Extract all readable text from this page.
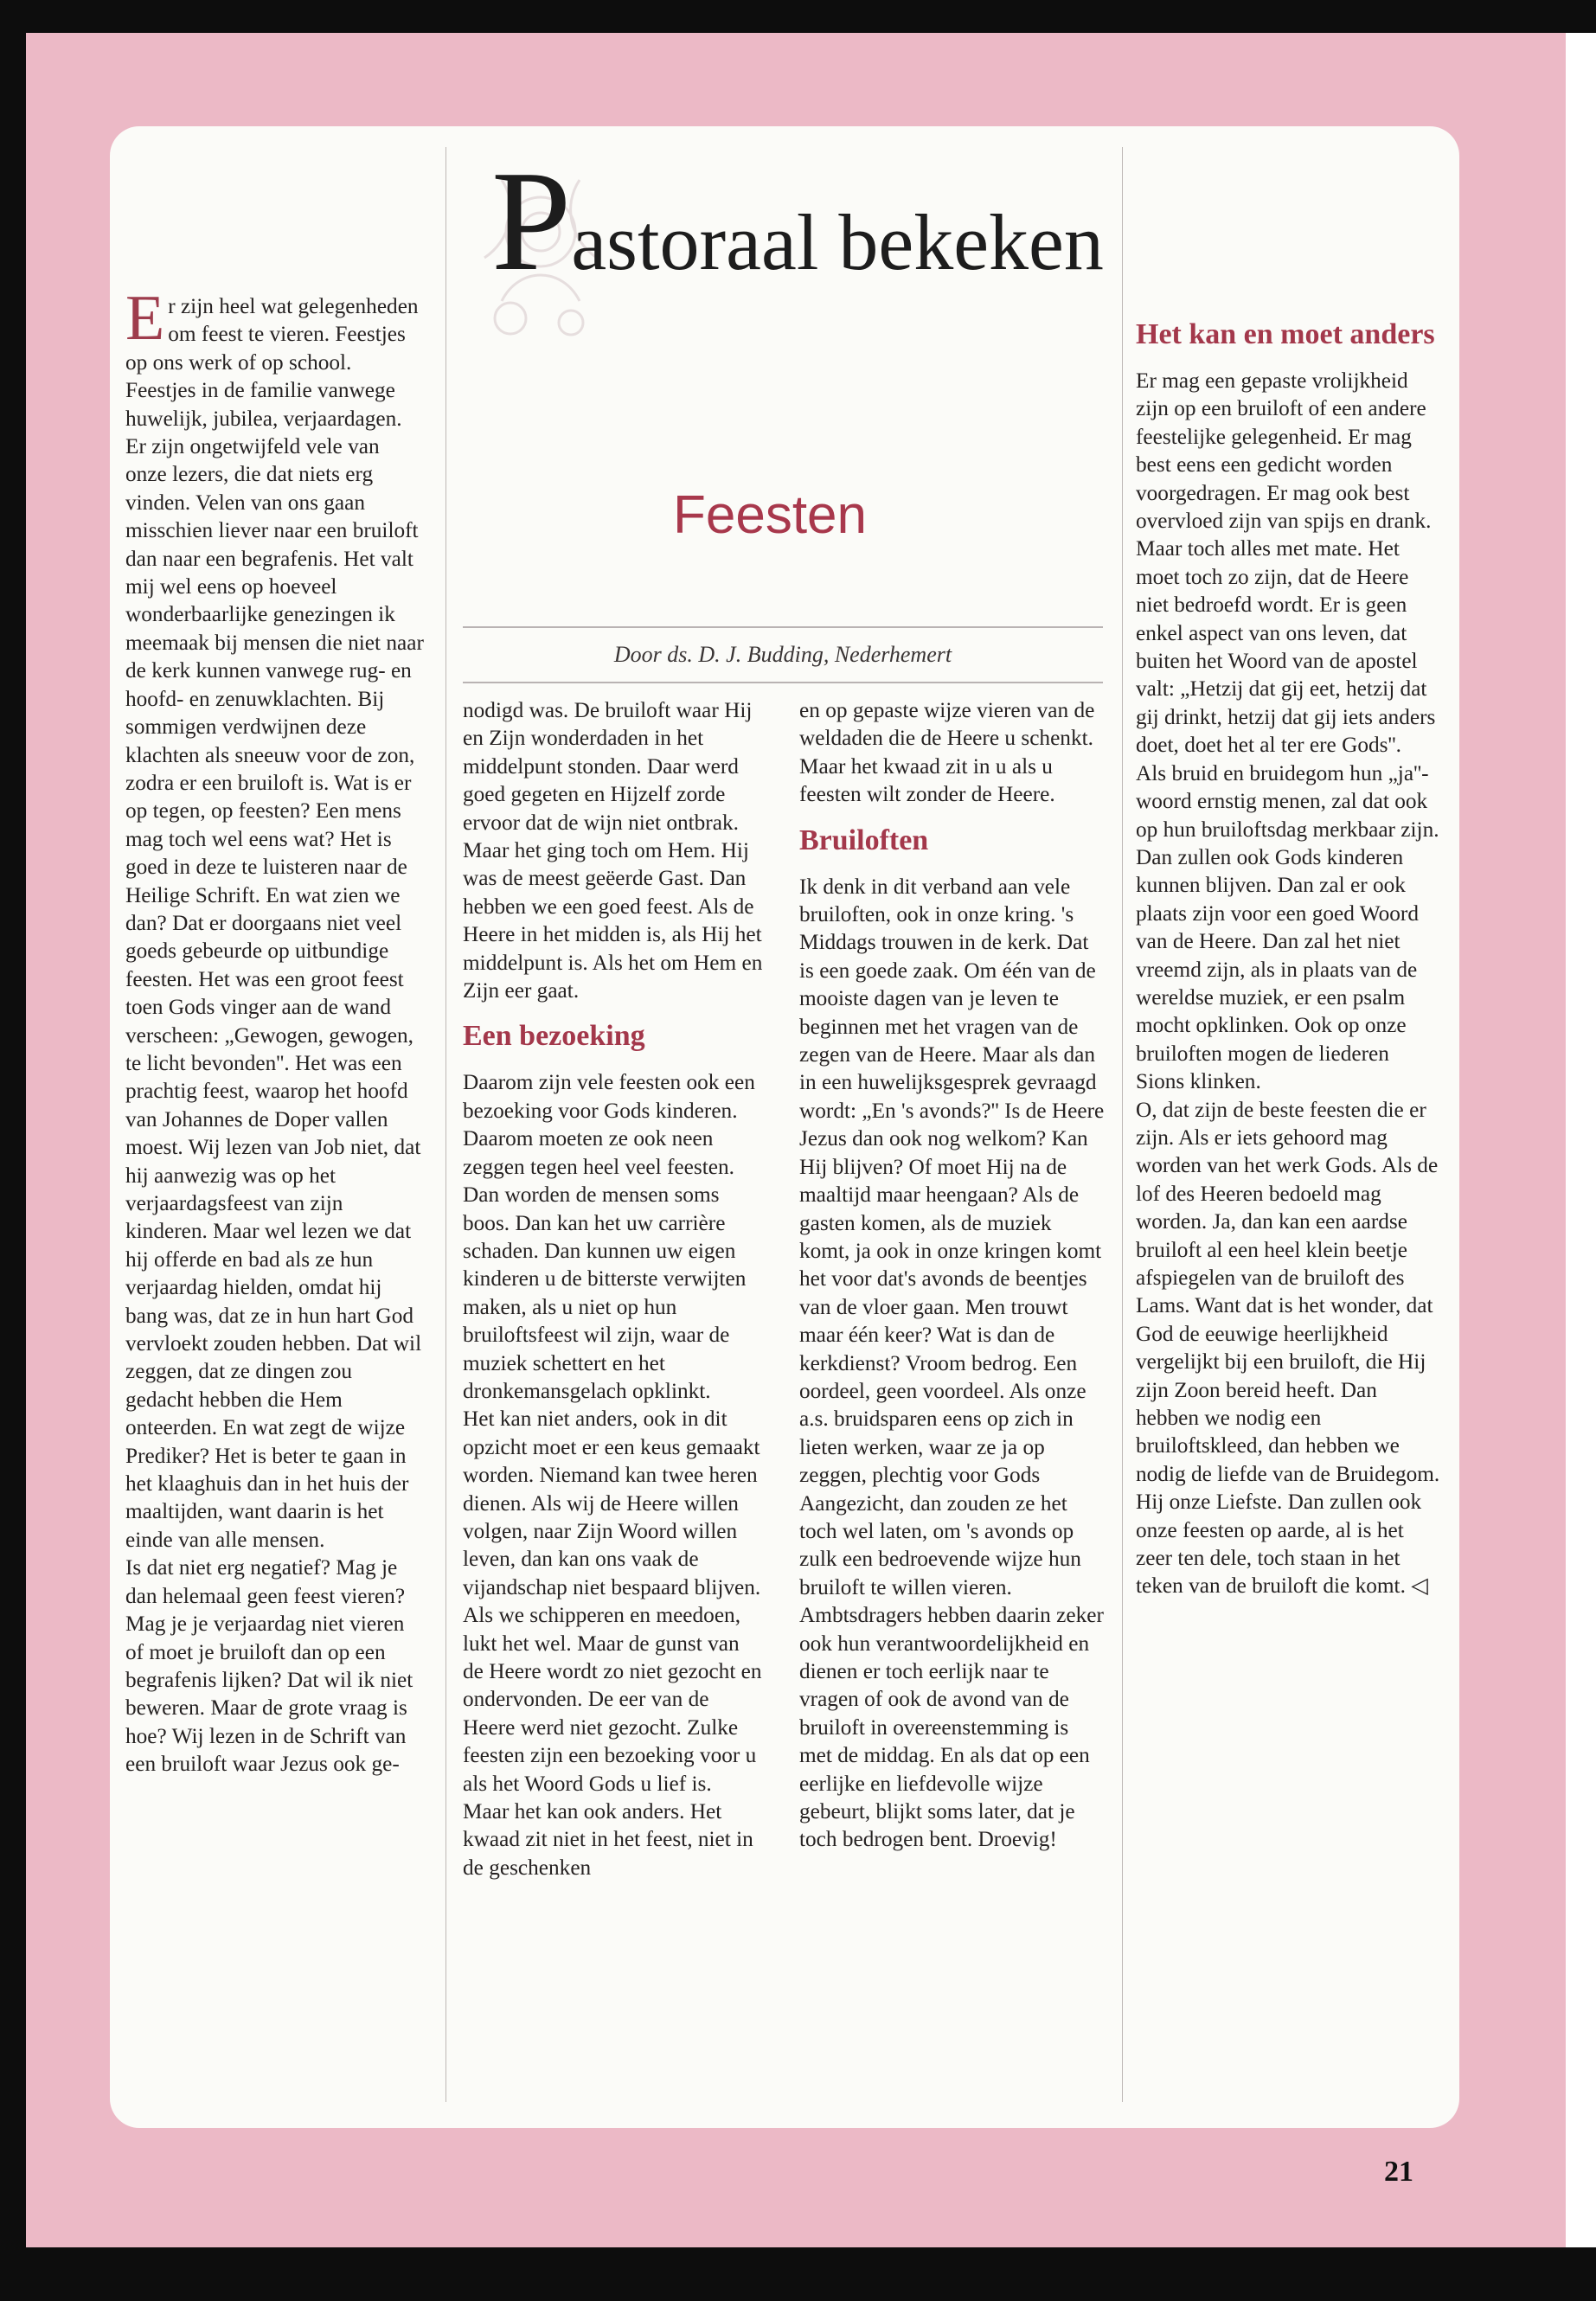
Pastoraal bekeken
Feesten
Door ds. D. J. Budding, Nederhemert

Er zijn heel wat gelegenheden om feest te vieren. Feestjes op ons werk of op school. Feestjes in de familie vanwege huwelijk, jubilea, verjaardagen. Er zijn ongetwijfeld vele van onze lezers, die dat niets erg vinden. Velen van ons gaan misschien liever naar een bruiloft dan naar een begrafenis. Het valt mij wel eens op hoeveel wonderbaarlijke genezingen ik meemaak bij mensen die niet naar de kerk kunnen vanwege rug- en hoofd- en zenuwklachten. Bij sommigen verdwijnen deze klachten als sneeuw voor de zon, zodra er een bruiloft is. Wat is er op tegen, op feesten? Een mens mag toch wel eens wat? Het is goed in deze te luisteren naar de Heilige Schrift. En wat zien we dan? Dat er doorgaans niet veel goeds gebeurde op uitbundige feesten. Het was een groot feest toen Gods vinger aan de wand verscheen: „Gewogen, gewogen, te licht bevonden''. Het was een prachtig feest, waarop het hoofd van Johannes de Doper vallen moest. Wij lezen van Job niet, dat hij aanwezig was op het verjaardagsfeest van zijn kinderen. Maar wel lezen we dat hij offerde en bad als ze hun verjaardag hielden, omdat hij bang was, dat ze in hun hart God vervloekt zouden hebben. Dat wil zeggen, dat ze dingen zou gedacht hebben die Hem onteerden. En wat zegt de wijze Prediker? Het is beter te gaan in het klaaghuis dan in het huis der maaltijden, want daarin is het einde van alle mensen.

Is dat niet erg negatief? Mag je dan helemaal geen feest vieren? Mag je je verjaardag niet vieren of moet je bruiloft dan op een begrafenis lijken? Dat wil ik niet beweren. Maar de grote vraag is hoe? Wij lezen in de Schrift van een bruiloft waar Jezus ook ge-

nodigd was. De bruiloft waar Hij en Zijn wonderdaden in het middelpunt stonden. Daar werd goed gegeten en Hijzelf zorde ervoor dat de wijn niet ontbrak.

Maar het ging toch om Hem. Hij was de meest geëerde Gast. Dan hebben we een goed feest. Als de Heere in het midden is, als Hij het middelpunt is. Als het om Hem en Zijn eer gaat.

Een bezoeking

Daarom zijn vele feesten ook een bezoeking voor Gods kinderen. Daarom moeten ze ook neen zeggen tegen heel veel feesten. Dan worden de mensen soms boos. Dan kan het uw carrière schaden. Dan kunnen uw eigen kinderen u de bitterste verwijten maken, als u niet op hun bruiloftsfeest wil zijn, waar de muziek schettert en het dronkemansgelach opklinkt.

Het kan niet anders, ook in dit opzicht moet er een keus gemaakt worden. Niemand kan twee heren dienen. Als wij de Heere willen volgen, naar Zijn Woord willen leven, dan kan ons vaak de vijandschap niet bespaard blijven. Als we schipperen en meedoen, lukt het wel. Maar de gunst van de Heere wordt zo niet gezocht en ondervonden. De eer van de Heere werd niet gezocht. Zulke feesten zijn een bezoeking voor u als het Woord Gods u lief is.

Maar het kan ook anders. Het kwaad zit niet in het feest, niet in de geschenken

en op gepaste wijze vieren van de weldaden die de Heere u schenkt. Maar het kwaad zit in u als u feesten wilt zonder de Heere.

Bruiloften

Ik denk in dit verband aan vele bruiloften, ook in onze kring. 's Middags trouwen in de kerk. Dat is een goede zaak. Om één van de mooiste dagen van je leven te beginnen met het vragen van de zegen van de Heere. Maar als dan in een huwelijksgesprek gevraagd wordt: „En 's avonds?'' Is de Heere Jezus dan ook nog welkom? Kan Hij blijven? Of moet Hij na de maaltijd maar heengaan? Als de gasten komen, als de muziek komt, ja ook in onze kringen komt het voor dat's avonds de beentjes van de vloer gaan. Men trouwt maar één keer? Wat is dan de kerkdienst? Vroom bedrog. Een oordeel, geen voordeel. Als onze a.s. bruidsparen eens op zich in lieten werken, waar ze ja op zeggen, plechtig voor Gods Aangezicht, dan zouden ze het toch wel laten, om 's avonds op zulk een bedroevende wijze hun bruiloft te willen vieren.

Ambtsdragers hebben daarin zeker ook hun verantwoordelijkheid en dienen er toch eerlijk naar te vragen of ook de avond van de bruiloft in overeenstemming is met de middag. En als dat op een eerlijke en liefdevolle wijze gebeurt, blijkt soms later, dat je toch bedrogen bent. Droevig!

Het kan en moet anders

Er mag een gepaste vrolijkheid zijn op een bruiloft of een andere feestelijke gelegenheid. Er mag best eens een gedicht worden voorgedragen. Er mag ook best overvloed zijn van spijs en drank. Maar toch alles met mate. Het moet toch zo zijn, dat de Heere niet bedroefd wordt. Er is geen enkel aspect van ons leven, dat buiten het Woord van de apostel valt: „Hetzij dat gij eet, hetzij dat gij drinkt, hetzij dat gij iets anders doet, doet het al ter ere Gods''.

Als bruid en bruidegom hun „ja''-woord ernstig menen, zal dat ook op hun bruiloftsdag merkbaar zijn. Dan zullen ook Gods kinderen kunnen blijven. Dan zal er ook plaats zijn voor een goed Woord van de Heere. Dan zal het niet vreemd zijn, als in plaats van de wereldse muziek, er een psalm mocht opklinken. Ook op onze bruiloften mogen de liederen Sions klinken.

O, dat zijn de beste feesten die er zijn. Als er iets gehoord mag worden van het werk Gods. Als de lof des Heeren bedoeld mag worden. Ja, dan kan een aardse bruiloft al een heel klein beetje afspiegelen van de bruiloft des Lams. Want dat is het wonder, dat God de eeuwige heerlijkheid vergelijkt bij een bruiloft, die Hij zijn Zoon bereid heeft. Dan hebben we nodig een bruiloftskleed, dan hebben we nodig de liefde van de Bruidegom. Hij onze Liefste. Dan zullen ook onze feesten op aarde, al is het zeer ten dele, toch staan in het teken van de bruiloft die komt. ◁

21
